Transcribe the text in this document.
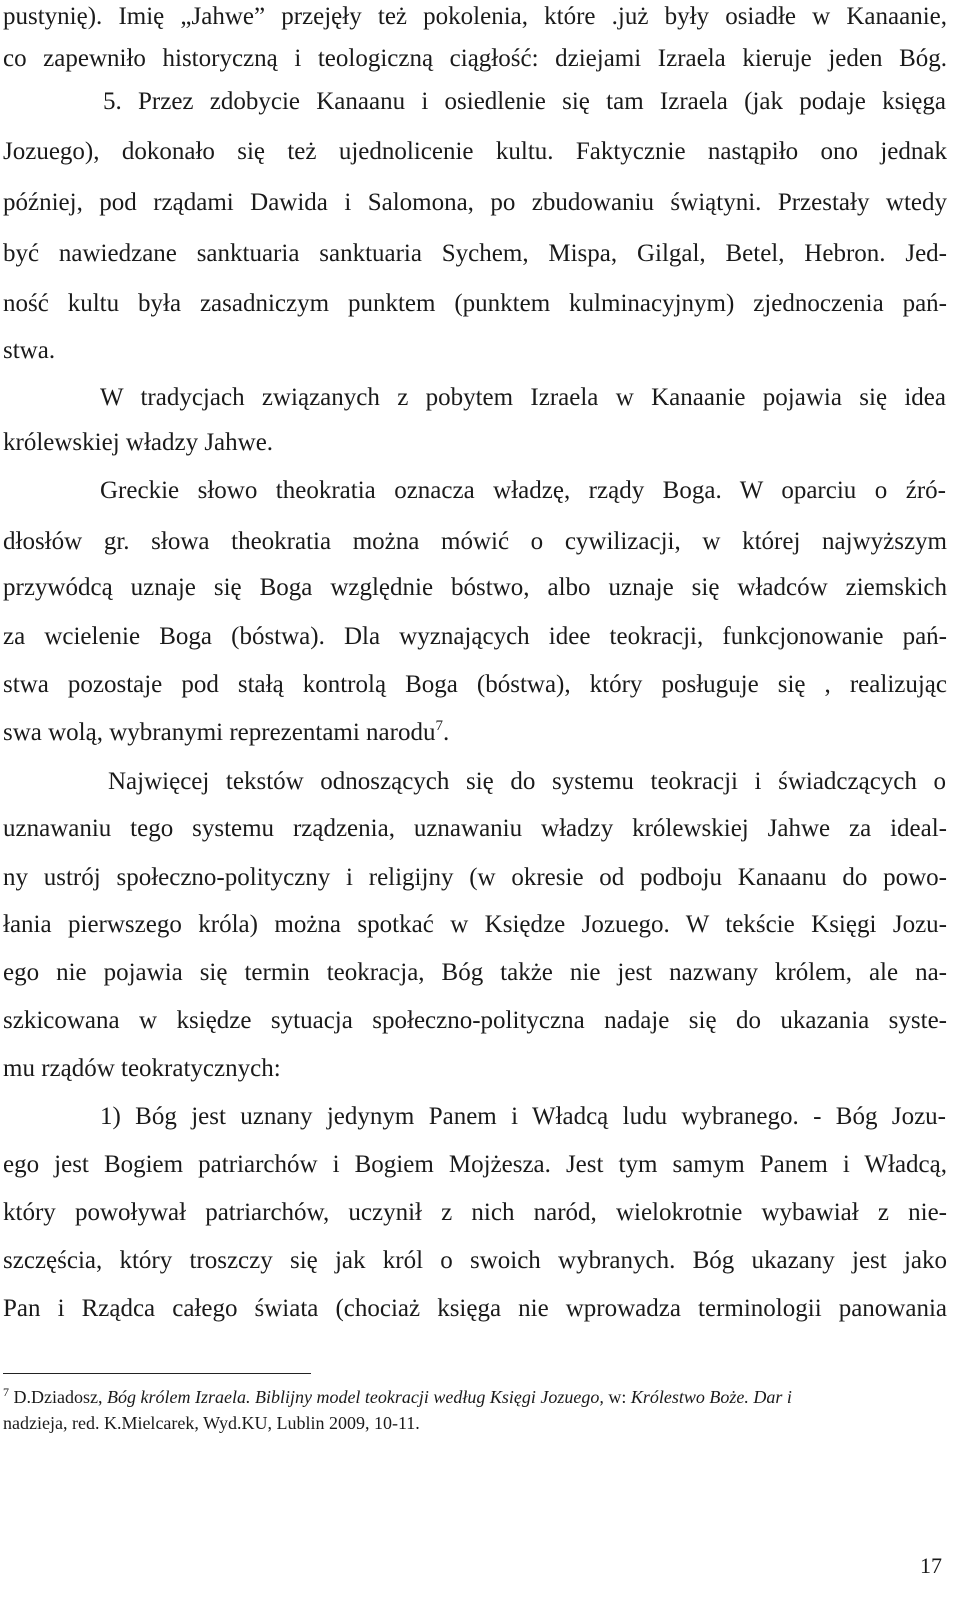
pustynię). Imię „Jahwe” przejęły też pokolenia, które .już były osiadłe w Kanaanie,
co zapewniło historyczną i teologiczną ciągłość: dziejami Izraela kieruje jeden Bóg.
5. Przez zdobycie Kanaanu i osiedlenie się tam Izraela (jak podaje księga
Jozuego), dokonało się też ujednolicenie kultu. Faktycznie nastąpiło ono jednak
później, pod rządami Dawida i Salomona, po zbudowaniu świątyni. Przestały wtedy
być nawiedzane sanktuaria sanktuaria Sychem, Mispa, Gilgal, Betel, Hebron. Jed-
ność kultu była zasadniczym punktem (punktem kulminacyjnym) zjednoczenia pań-
stwa.
W tradycjach związanych z pobytem Izraela w Kanaanie pojawia się idea
królewskiej władzy Jahwe.
Greckie słowo theokratia oznacza władzę, rządy Boga. W oparciu o źró-
dłosłów gr. słowa theokratia można mówić o cywilizacji, w której najwyższym
przywódcą uznaje się Boga względnie bóstwo, albo uznaje się władców ziemskich
za wcielenie Boga (bóstwa). Dla wyznających idee teokracji, funkcjonowanie pań-
stwa pozostaje pod stałą kontrolą Boga (bóstwa), który posługuje się , realizując
swa wolą, wybranymi reprezentami narodu$^7$.
Najwięcej tekstów odnoszących się do systemu teokracji i świadczących o
uznawaniu tego systemu rządzenia, uznawaniu władzy królewskiej Jahwe za ideal-
ny ustrój społeczno-polityczny i religijny (w okresie od podboju Kanaanu do powo-
łania pierwszego króla) można spotkać w Księdze Jozuego. W tekście Księgi Jozu-
ego nie pojawia się termin teokracja, Bóg także nie jest nazwany królem, ale na-
szkicowana w księdze sytuacja społeczno-polityczna nadaje się do ukazania syste-
mu rządów teokratycznych:
1) Bóg jest uznany jedynym Panem i Władcą ludu wybranego. - Bóg Jozu-
ego jest Bogiem patriarchów i Bogiem Mojżesza. Jest tym samym Panem i Władcą,
który powoływał patriarchów, uczynił z nich naród, wielokrotnie wybawiał z nie-
szczęścia, który troszczy się jak król o swoich wybranych. Bóg ukazany jest jako
Pan i Rządca całego świata (chociaż księga nie wprowadza terminologii panowania
$^7$ D.Dziadosz, Bóg królem Izraela. Biblijny model teokracji według Księgi Jozuego, w: Królestwo Boże. Dar i
nadzieja, red. K.Mielcarek, Wyd.KU, Lublin 2009, 10-11.
17
